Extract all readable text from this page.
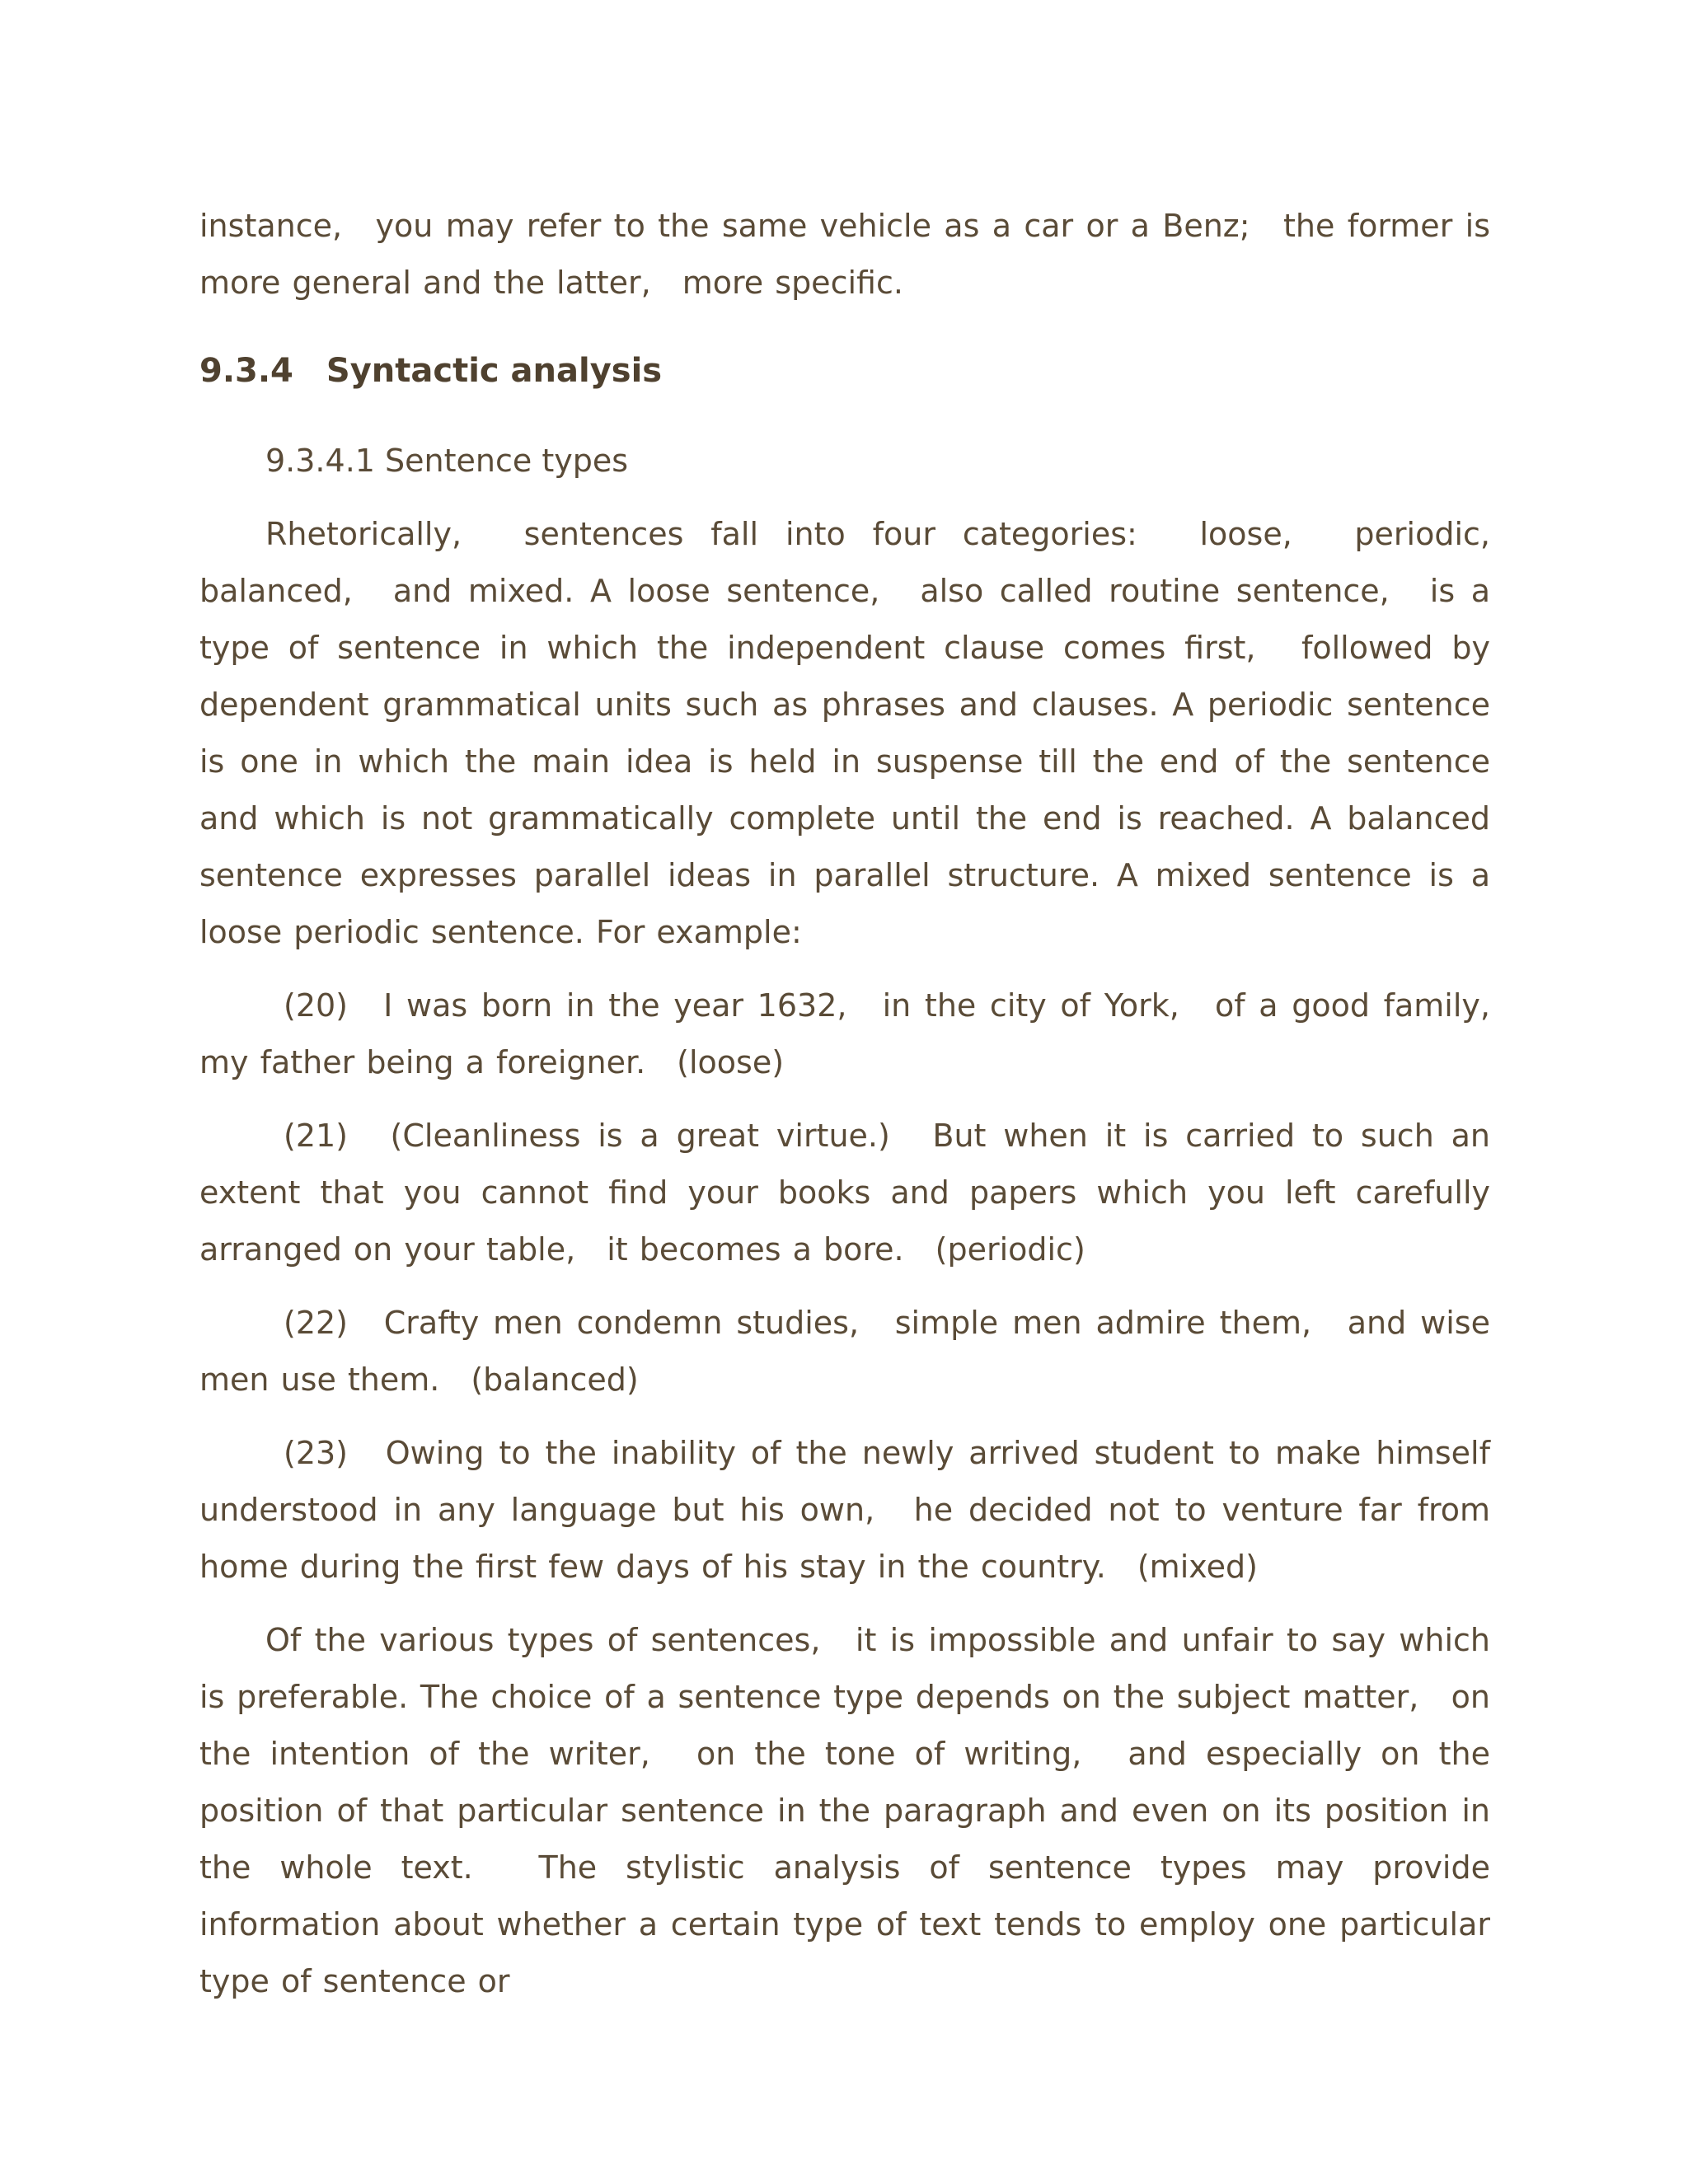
instance,　you may refer to the same vehicle as a car or a Benz;　the former is more general and the latter,　more specific.

9.3.4　Syntactic analysis
9.3.4.1 Sentence types

Rhetorically,　sentences fall into four categories:　loose,　periodic, balanced,　and mixed. A loose sentence,　also called routine sentence,　is a type of sentence in which the independent clause comes first,　followed by dependent grammatical units such as phrases and clauses. A periodic sentence is one in which the main idea is held in suspense till the end of the sentence and which is not grammatically complete until the end is reached. A balanced sentence expresses parallel ideas in parallel structure. A mixed sentence is a loose periodic sentence. For example:

(20)　I was born in the year 1632,　in the city of York,　of a good family, my father being a foreigner.　(loose)

(21)　(Cleanliness is a great virtue.)　But when it is carried to such an extent that you cannot find your books and papers which you left carefully arranged on your table,　it becomes a bore.　(periodic)

(22)　Crafty men condemn studies,　simple men admire them,　and wise men use them.　(balanced)

(23)　Owing to the inability of the newly arrived student to make himself understood in any language but his own,　he decided not to venture far from home during the first few days of his stay in the country.　(mixed)

Of the various types of sentences,　it is impossible and unfair to say which　is preferable. The choice of a sentence type depends on the subject matter,　on　the intention of the writer,　on the tone of writing,　and especially on the　position of that particular sentence in the paragraph and even on its position in　the whole text.　The stylistic analysis of sentence types may provide　information about whether a certain type of text tends to employ one particular　type of sentence or
